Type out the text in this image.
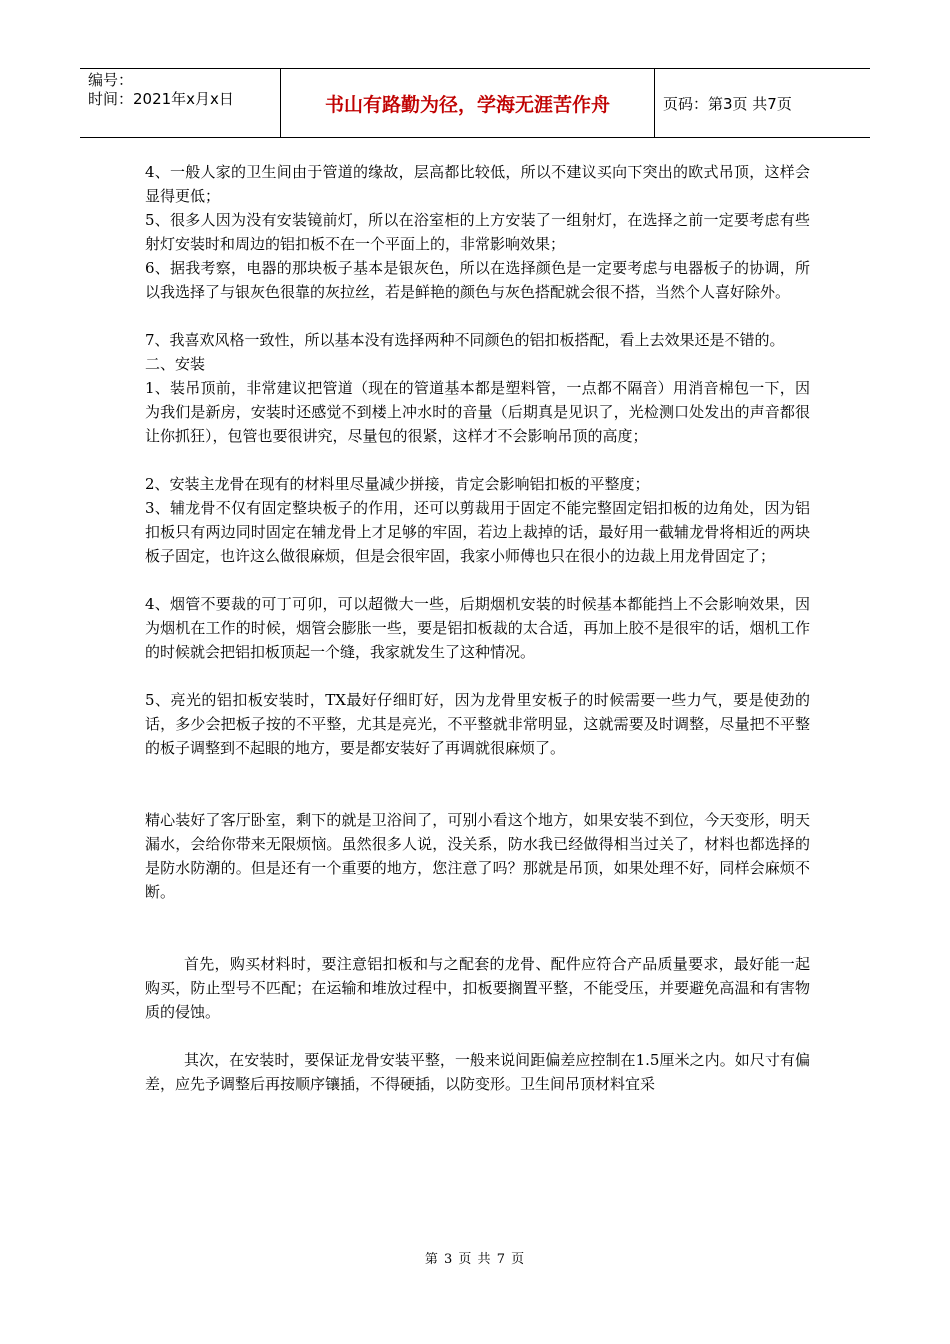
编号：
时间：2021年x月x日	书山有路勤为径，学海无涯苦作舟	页码：第3页 共7页

4、一般人家的卫生间由于管道的缘故，层高都比较低，所以不建议买向下突出的欧式吊顶，这样会显得更低；

5、很多人因为没有安装镜前灯，所以在浴室柜的上方安装了一组射灯，在选择之前一定要考虑有些射灯安装时和周边的铝扣板不在一个平面上的，非常影响效果；

6、据我考察，电器的那块板子基本是银灰色，所以在选择颜色是一定要考虑与电器板子的协调，所以我选择了与银灰色很靠的灰拉丝，若是鲜艳的颜色与灰色搭配就会很不搭，当然个人喜好除外。

7、我喜欢风格一致性，所以基本没有选择两种不同颜色的铝扣板搭配，看上去效果还是不错的。

二、安装

1、装吊顶前，非常建议把管道（现在的管道基本都是塑料管，一点都不隔音）用消音棉包一下，因为我们是新房，安装时还感觉不到楼上冲水时的音量（后期真是见识了，光检测口处发出的声音都很让你抓狂），包管也要很讲究，尽量包的很紧，这样才不会影响吊顶的高度；

2、安装主龙骨在现有的材料里尽量减少拼接，肯定会影响铝扣板的平整度；

3、辅龙骨不仅有固定整块板子的作用，还可以剪裁用于固定不能完整固定铝扣板的边角处，因为铝扣板只有两边同时固定在辅龙骨上才足够的牢固，若边上裁掉的话，最好用一截辅龙骨将相近的两块板子固定，也许这么做很麻烦，但是会很牢固，我家小师傅也只在很小的边裁上用龙骨固定了；

4、烟管不要裁的可丁可卯，可以超微大一些，后期烟机安装的时候基本都能挡上不会影响效果，因为烟机在工作的时候，烟管会膨胀一些，要是铝扣板裁的太合适，再加上胶不是很牢的话，烟机工作的时候就会把铝扣板顶起一个缝，我家就发生了这种情况。

5、亮光的铝扣板安装时，TX最好仔细盯好，因为龙骨里安板子的时候需要一些力气，要是使劲的话，多少会把板子按的不平整，尤其是亮光，不平整就非常明显，这就需要及时调整，尽量把不平整的板子调整到不起眼的地方，要是都安装好了再调就很麻烦了。

精心装好了客厅卧室，剩下的就是卫浴间了，可别小看这个地方，如果安装不到位，今天变形，明天漏水，会给你带来无限烦恼。虽然很多人说，没关系，防水我已经做得相当过关了，材料也都选择的是防水防潮的。但是还有一个重要的地方，您注意了吗？那就是吊顶，如果处理不好，同样会麻烦不断。

首先，购买材料时，要注意铝扣板和与之配套的龙骨、配件应符合产品质量要求，最好能一起购买，防止型号不匹配；在运输和堆放过程中，扣板要搁置平整，不能受压，并要避免高温和有害物质的侵蚀。

其次，在安装时，要保证龙骨安装平整，一般来说间距偏差应控制在1.5厘米之内。如尺寸有偏差，应先予调整后再按顺序镶插，不得硬插，以防变形。卫生间吊顶材料宜采

第 3 页 共 7 页
